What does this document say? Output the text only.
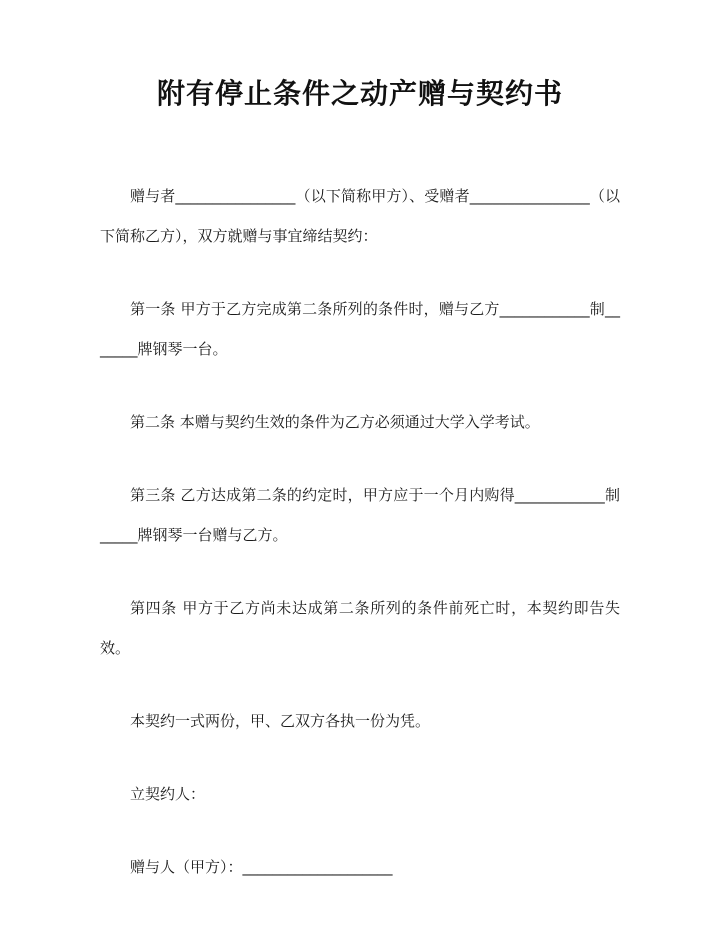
附有停止条件之动产赠与契约书

赠与者________________（以下简称甲方）、受赠者________________（以下简称乙方），双方就赠与事宜缔结契约：

第一条 甲方于乙方完成第二条所列的条件时，赠与乙方____________制_______牌钢琴一台。

第二条 本赠与契约生效的条件为乙方必须通过大学入学考试。

第三条 乙方达成第二条的约定时，甲方应于一个月内购得____________制_____牌钢琴一台赠与乙方。

第四条 甲方于乙方尚未达成第二条所列的条件前死亡时，本契约即告失效。

本契约一式两份，甲、乙双方各执一份为凭。

立契约人：

赠与人（甲方）：____________________
